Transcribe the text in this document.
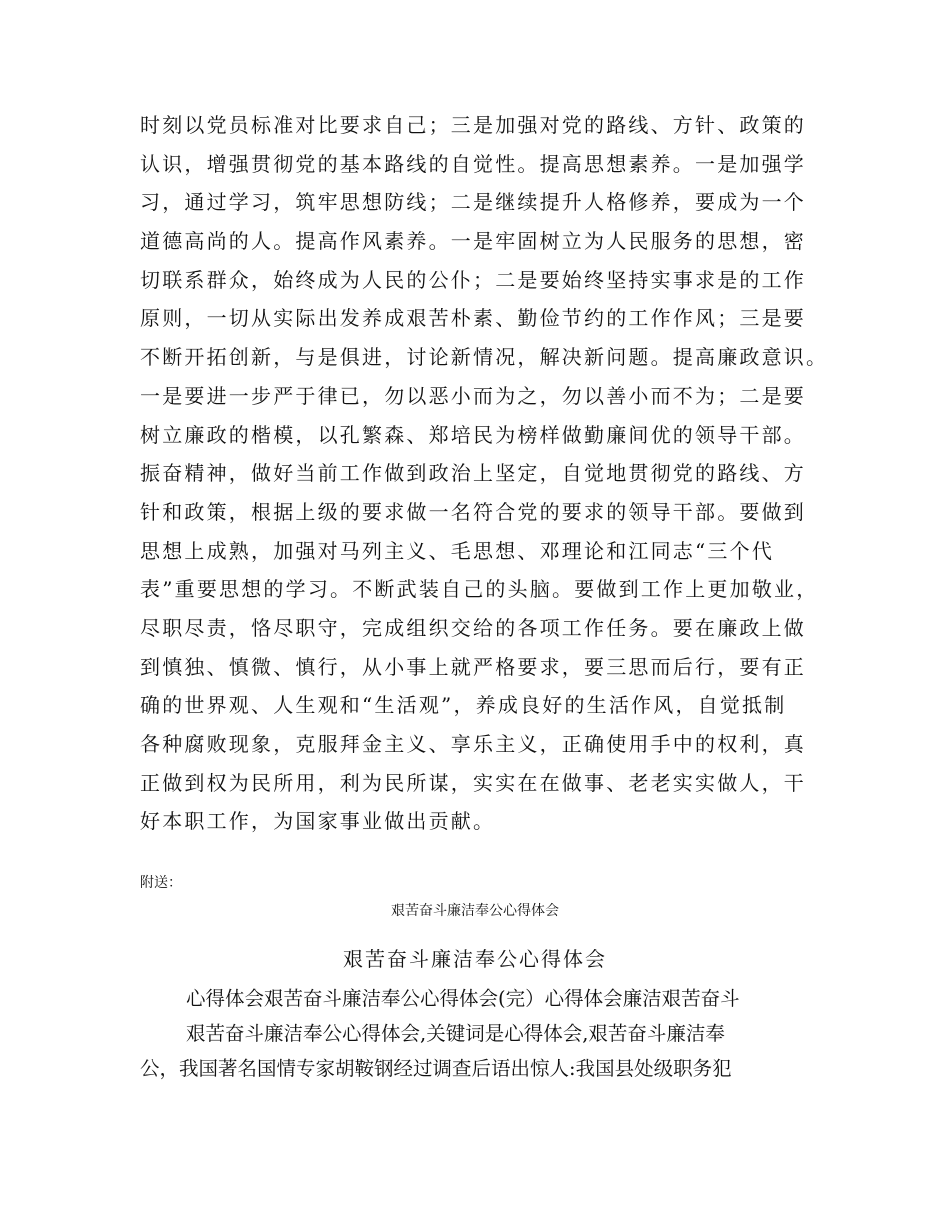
时刻以党员标准对比要求自己；三是加强对党的路线、方针、政策的
认识，增强贯彻党的基本路线的自觉性。提高思想素养。一是加强学
习，通过学习，筑牢思想防线；二是继续提升人格修养，要成为一个
道德高尚的人。提高作风素养。一是牢固树立为人民服务的思想，密
切联系群众，始终成为人民的公仆；二是要始终坚持实事求是的工作
原则，一切从实际出发养成艰苦朴素、勤俭节约的工作作风；三是要
不断开拓创新，与是俱进，讨论新情况，解决新问题。提高廉政意识。
一是要进一步严于律已，勿以恶小而为之，勿以善小而不为；二是要
树立廉政的楷模，以孔繁森、郑培民为榜样做勤廉间优的领导干部。
振奋精神，做好当前工作做到政治上坚定，自觉地贯彻党的路线、方
针和政策，根据上级的要求做一名符合党的要求的领导干部。要做到
思想上成熟，加强对马列主义、毛思想、邓理论和江同志“三个代
表”重要思想的学习。不断武装自己的头脑。要做到工作上更加敬业，
尽职尽责，恪尽职守，完成组织交给的各项工作任务。要在廉政上做
到慎独、慎微、慎行，从小事上就严格要求，要三思而后行，要有正
确的世界观、人生观和“生活观”，养成良好的生活作风，自觉抵制
各种腐败现象，克服拜金主义、享乐主义，正确使用手中的权利，真
正做到权为民所用，利为民所谋，实实在在做事、老老实实做人，干
好本职工作，为国家事业做出贡献。
附送：
艰苦奋斗廉洁奉公心得体会
艰苦奋斗廉洁奉公心得体会
心得体会艰苦奋斗廉洁奉公心得体会(完）心得体会廉洁艰苦奋斗
艰苦奋斗廉洁奉公心得体会,关键词是心得体会,艰苦奋斗廉洁奉
公，我国著名国情专家胡鞍钢经过调查后语出惊人:我国县处级职务犯
